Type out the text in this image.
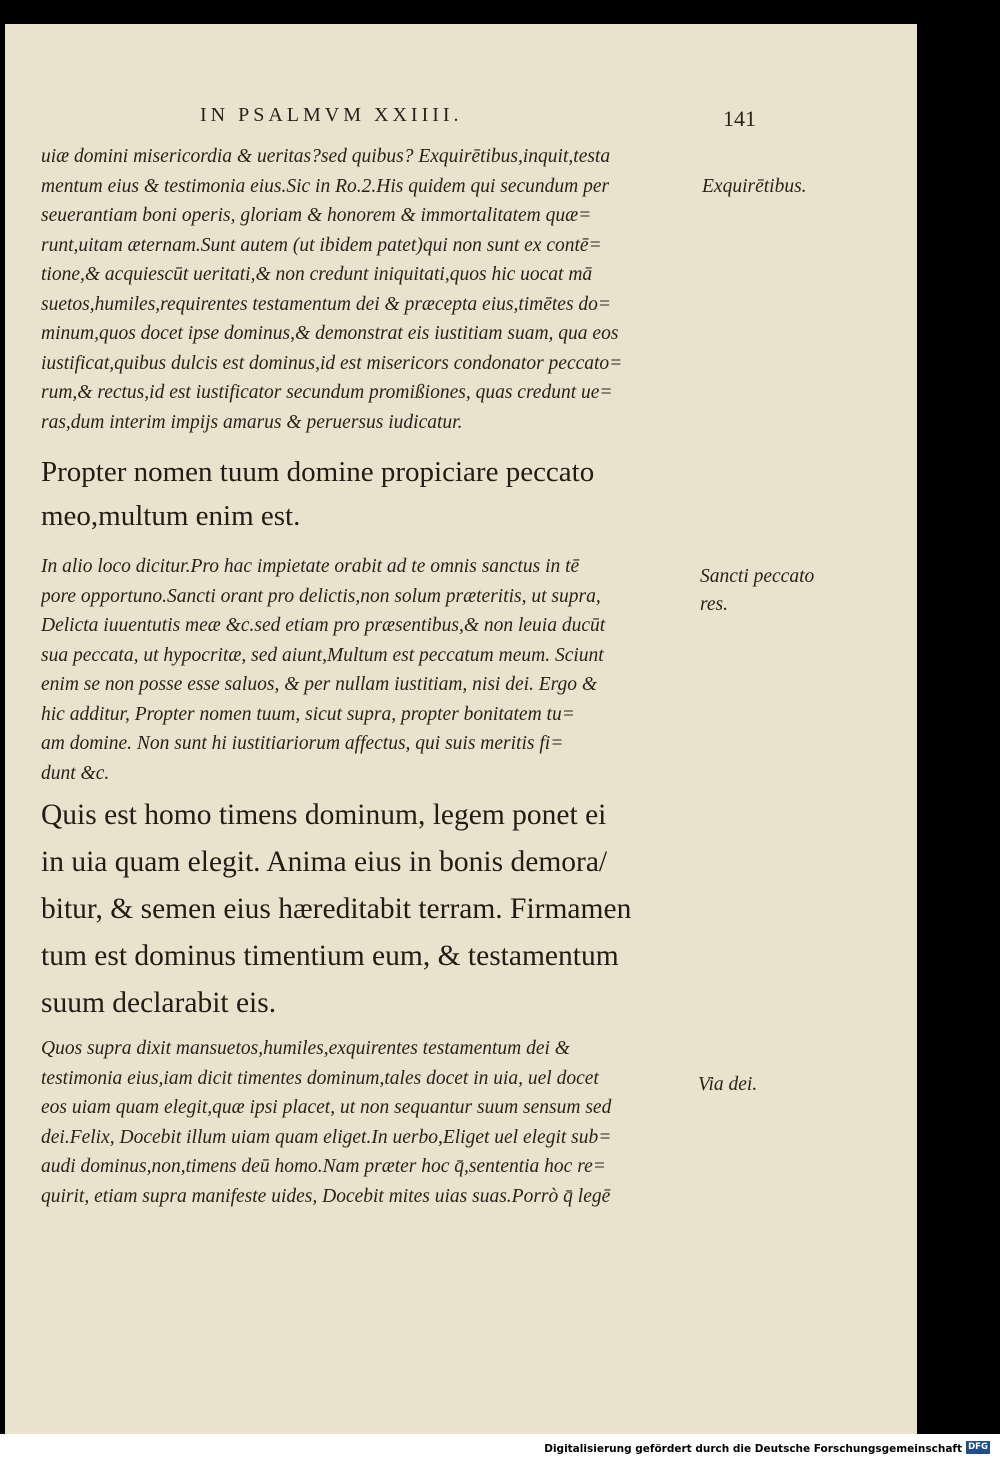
IN PSALMVM XXIIII.	141
uiæ domini misericordia & ueritas?sed quibus? Exquirētibus,inquit,testa
mentum eius & testimonia eius.Sic in Ro.2.His quidem qui secundum per
seuerantiam boni operis, gloriam & honorem & immortalitatem quæ=
runt,uitam æternam.Sunt autem (ut ibidem patet)qui non sunt ex contē=
tione,& acquiescūt ueritati,& non credunt iniquitati,quos hic uocat mā
suetos,humiles,requirentes testamentum dei & præcepta eius,timētes do=
minum,quos docet ipse dominus,& demonstrat eis iustitiam suam, qua eos
iustificat,quibus dulcis est dominus,id est misericors condonator peccato=
rum,& rectus,id est iustificator secundum promißiones, quas credunt ue=
ras,dum interim impijs amarus & peruersus iudicatur.
Propter nomen tuum domine propiciare peccato
meo,multum enim est.
In alio loco dicitur.Pro hac impietate orabit ad te omnis sanctus in tē
pore opportuno.Sancti orant pro delictis,non solum præteritis, ut supra,
Delicta iuuentutis meæ &c.sed etiam pro præsentibus,& non leuia ducūt
sua peccata, ut hypocritæ, sed aiunt,Multum est peccatum meum. Sciunt
enim se non posse esse saluos, & per nullam iustitiam, nisi dei. Ergo &
hic additur, Propter nomen tuum, sicut supra, propter bonitatem tu=
am domine. Non sunt hi iustitiariorum affectus, qui suis meritis fi=
dunt &c.
Quis est homo timens dominum, legem ponet ei
in uia quam elegit. Anima eius in bonis demora/
bitur, & semen eius hæreditabit terram. Firmamen
tum est dominus timentium eum, & testamentum
suum declarabit eis.
Quos supra dixit mansuetos,humiles,exquirentes testamentum dei &
testimonia eius,iam dicit timentes dominum,tales docet in uia, uel docet
eos uiam quam elegit,quæ ipsi placet, ut non sequantur suum sensum sed
dei.Felix, Docebit illum uiam quam eliget.In uerbo,Eliget uel elegit sub=
audi dominus,non,timens deū homo.Nam præter hoc q̄,sententia hoc re=
quirit, etiam supra manifeste uides, Docebit mites uias suas.Porrò q̄ legē
Exquirētibus.
Sancti peccato
res.
Via dei.
Digitalisierung gefördert durch die Deutsche Forschungsgemeinschaft DFG
